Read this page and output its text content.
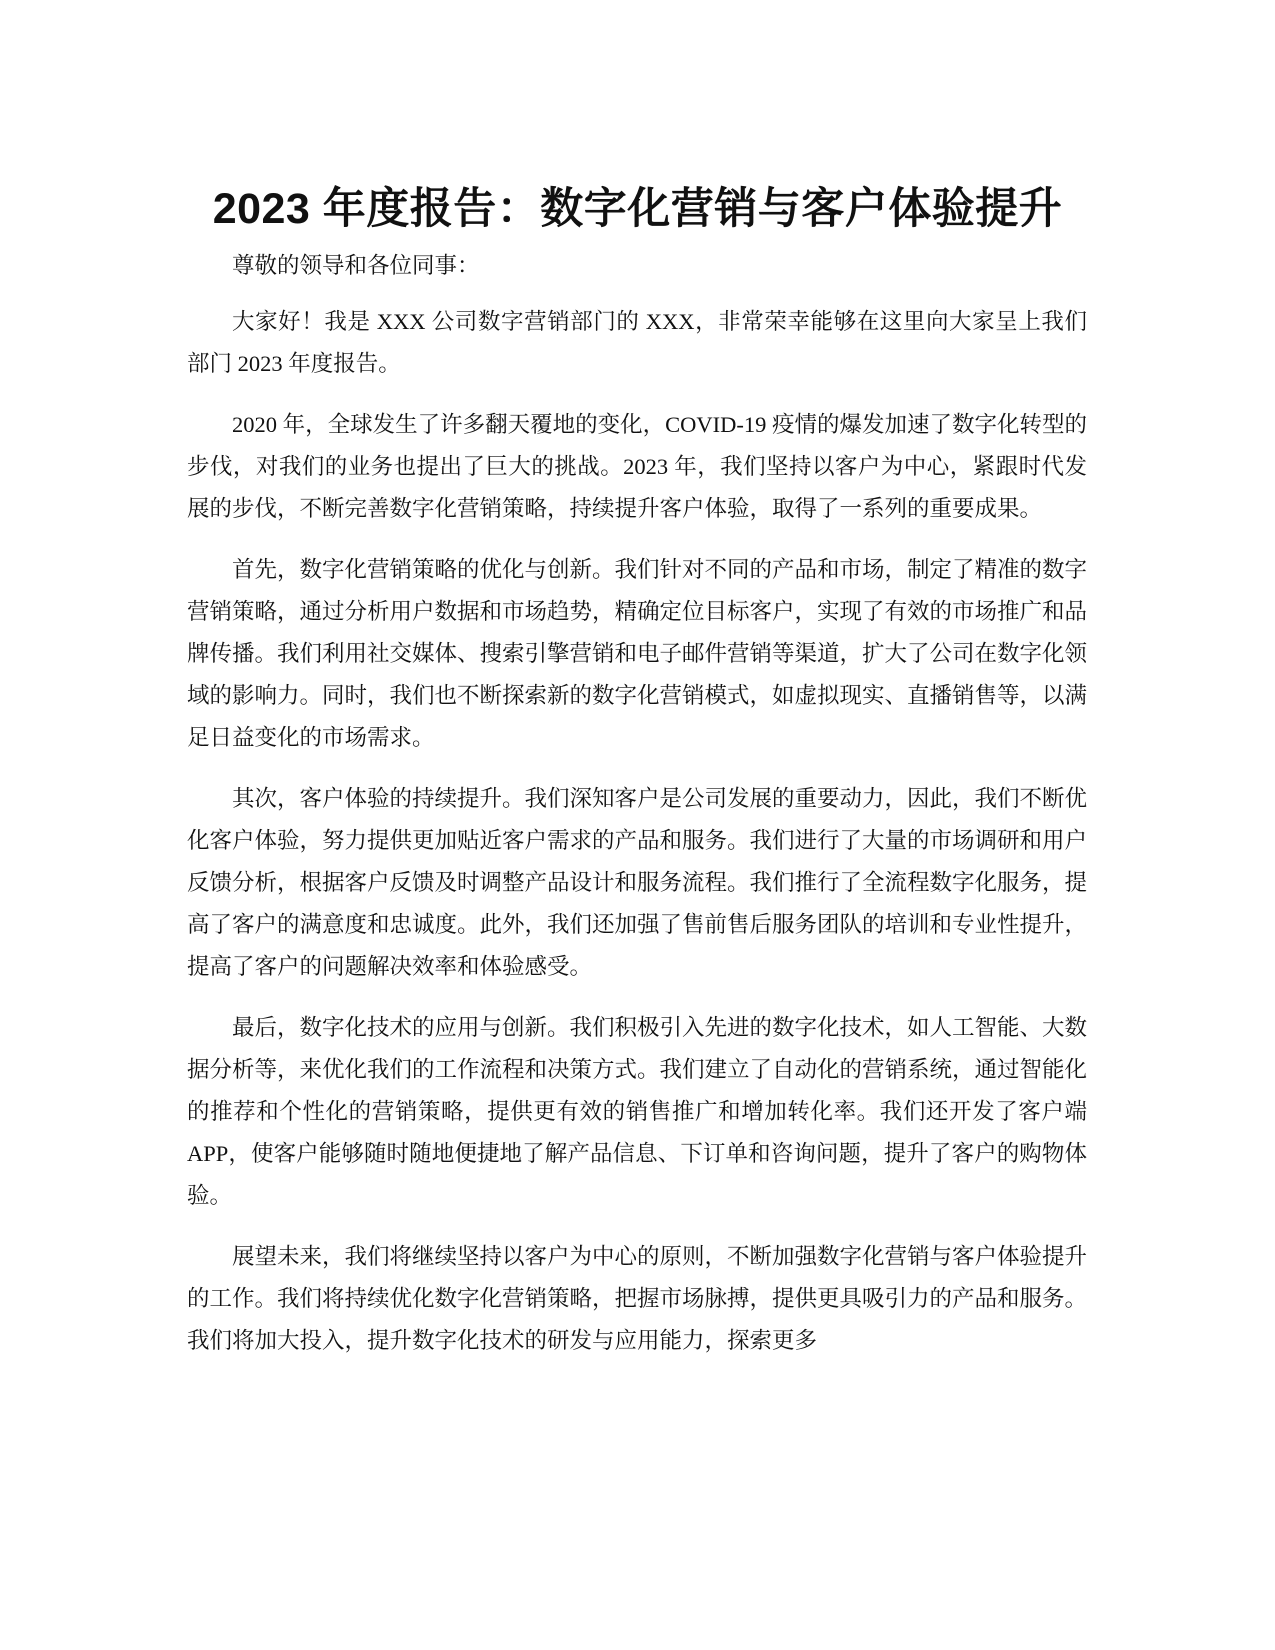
2023 年度报告：数字化营销与客户体验提升

尊敬的领导和各位同事：

大家好！我是 XXX 公司数字营销部门的 XXX，非常荣幸能够在这里向大家呈上我们部门 2023 年度报告。

2020 年，全球发生了许多翻天覆地的变化，COVID-19 疫情的爆发加速了数字化转型的步伐，对我们的业务也提出了巨大的挑战。2023 年，我们坚持以客户为中心，紧跟时代发展的步伐，不断完善数字化营销策略，持续提升客户体验，取得了一系列的重要成果。

首先，数字化营销策略的优化与创新。我们针对不同的产品和市场，制定了精准的数字营销策略，通过分析用户数据和市场趋势，精确定位目标客户，实现了有效的市场推广和品牌传播。我们利用社交媒体、搜索引擎营销和电子邮件营销等渠道，扩大了公司在数字化领域的影响力。同时，我们也不断探索新的数字化营销模式，如虚拟现实、直播销售等，以满足日益变化的市场需求。

其次，客户体验的持续提升。我们深知客户是公司发展的重要动力，因此，我们不断优化客户体验，努力提供更加贴近客户需求的产品和服务。我们进行了大量的市场调研和用户反馈分析，根据客户反馈及时调整产品设计和服务流程。我们推行了全流程数字化服务，提高了客户的满意度和忠诚度。此外，我们还加强了售前售后服务团队的培训和专业性提升，提高了客户的问题解决效率和体验感受。

最后，数字化技术的应用与创新。我们积极引入先进的数字化技术，如人工智能、大数据分析等，来优化我们的工作流程和决策方式。我们建立了自动化的营销系统，通过智能化的推荐和个性化的营销策略，提供更有效的销售推广和增加转化率。我们还开发了客户端 APP，使客户能够随时随地便捷地了解产品信息、下订单和咨询问题，提升了客户的购物体验。

展望未来，我们将继续坚持以客户为中心的原则，不断加强数字化营销与客户体验提升的工作。我们将持续优化数字化营销策略，把握市场脉搏，提供更具吸引力的产品和服务。我们将加大投入，提升数字化技术的研发与应用能力，探索更多
